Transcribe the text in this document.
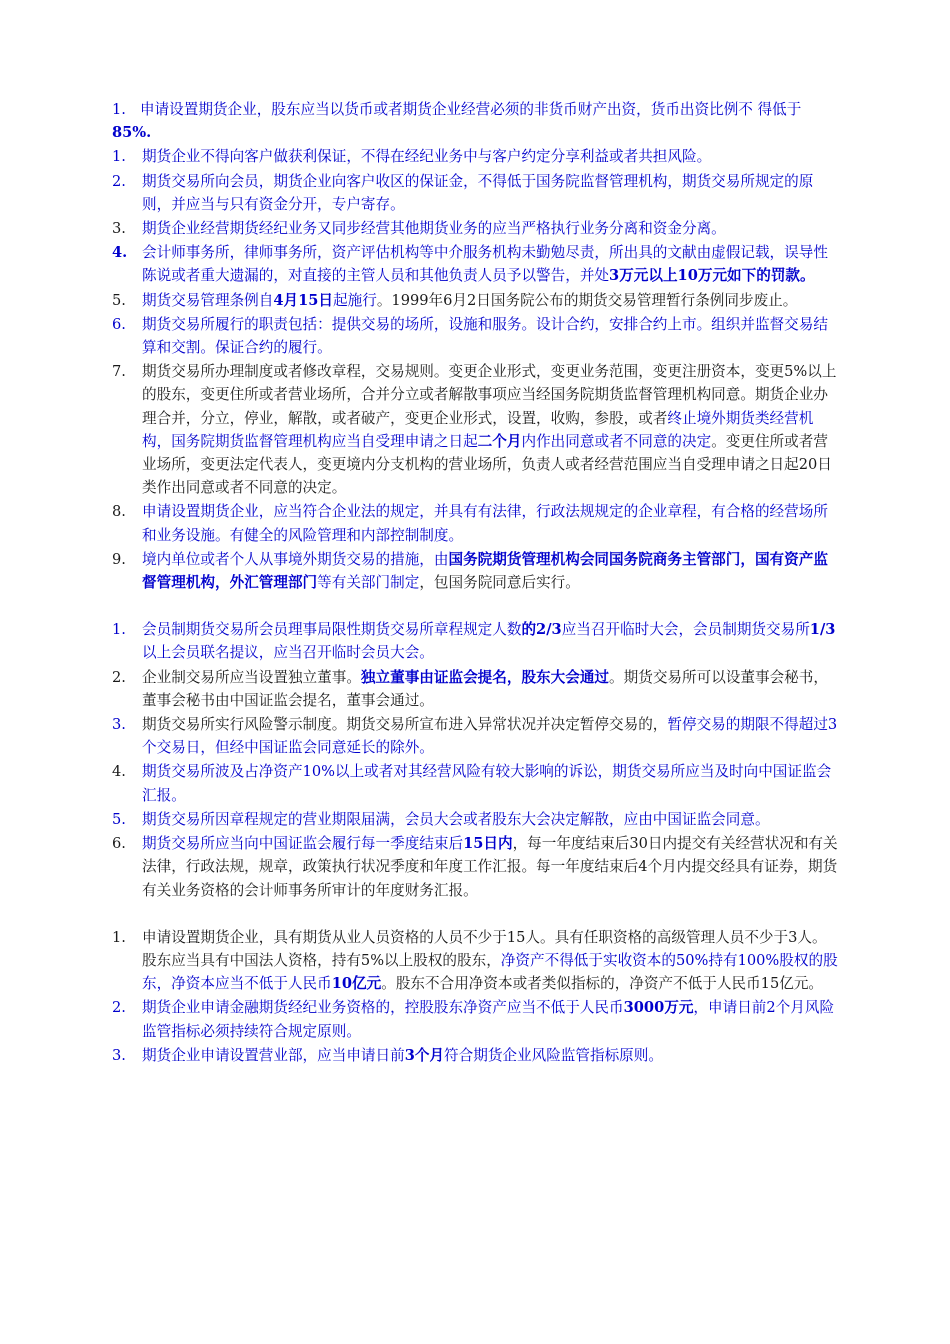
1. 申请设置期货企业，股东应当以货币或者期货企业经营必须的非货币财产出资，货币出资比例不 得低于85%.
1. 期货企业不得向客户做获利保证，不得在经纪业务中与客户约定分享利益或者共担风险。
2. 期货交易所向会员，期货企业向客户收区的保证金，不得低于国务院监督管理机构，期货交易所规定的原则，并应当与只有资金分开，专户寄存。
3. 期货企业经营期货经纪业务又同步经营其他期货业务的应当严格执行业务分离和资金分离。
4. 会计师事务所，律师事务所，资产评估机构等中介服务机构未勤勉尽责，所出具的文献由虚假记载，误导性陈说或者重大遗漏的，对直接的主管人员和其他负责人员予以警告，并处3万元以上10万元如下的罚款。
5. 期货交易管理条例自4月15日起施行。1999年6月2日国务院公布的期货交易管理暂行条例同步废止。
6. 期货交易所履行的职责包括：提供交易的场所，设施和服务。设计合约，安排合约上市。组织并监督交易结算和交割。保证合约的履行。
7. 期货交易所办理制度或者修改章程，交易规则。变更企业形式，变更业务范围，变更注册资本，变更5%以上的股东，变更住所或者营业场所，合并分立或者解散事项应当经国务院期货监督管理机构同意。期货企业办理合并，分立，停业，解散，或者破产，变更企业形式，设置，收购，参股，或者终止境外期货类经营机构，国务院期货监督管理机构应当自受理申请之日起二个月内作出同意或者不同意的决定。变更住所或者营业场所，变更法定代表人，变更境内分支机构的营业场所，负责人或者经营范围应当自受理申请之日起20日类作出同意或者不同意的决定。
8. 申请设置期货企业，应当符合企业法的规定，并具有有法律，行政法规规定的企业章程，有合格的经营场所和业务设施。有健全的风险管理和内部控制制度。
9. 境内单位或者个人从事境外期货交易的措施，由国务院期货管理机构会同国务院商务主管部门，国有资产监督管理机构，外汇管理部门等有关部门制定，包国务院同意后实行。
1. 会员制期货交易所会员理事局限性期货交易所章程规定人数的2/3应当召开临时大会，会员制期货交易所1/3以上会员联名提议，应当召开临时会员大会。
2. 企业制交易所应当设置独立董事。独立董事由证监会提名，股东大会通过。期货交易所可以设董事会秘书，董事会秘书由中国证监会提名，董事会通过。
3. 期货交易所实行风险警示制度。期货交易所宣布进入异常状况并决定暂停交易的，暂停交易的期限不得超过3个交易日，但经中国证监会同意延长的除外。
4. 期货交易所波及占净资产10%以上或者对其经营风险有较大影响的诉讼，期货交易所应当及时向中国证监会汇报。
5. 期货交易所因章程规定的营业期限届满，会员大会或者股东大会决定解散，应由中国证监会同意。
6. 期货交易所应当向中国证监会履行每一季度结束后15日内，每一年度结束后30日内提交有关经营状况和有关法律，行政法规，规章，政策执行状况季度和年度工作汇报。每一年度结束后4个月内提交经具有证券，期货有关业务资格的会计师事务所审计的年度财务汇报。
1. 申请设置期货企业，具有期货从业人员资格的人员不少于15人。具有任职资格的高级管理人员不少于3人。股东应当具有中国法人资格，持有5%以上股权的股东，净资产不得低于实收资本的50%持有100%股权的股东，净资本应当不低于人民币10亿元。股东不合用净资本或者类似指标的，净资产不低于人民币15亿元。
2. 期货企业申请金融期货经纪业务资格的，控股股东净资产应当不低于人民币3000万元，申请日前2个月风险监管指标必须持续符合规定原则。
3. 期货企业申请设置营业部，应当申请日前3个月符合期货企业风险监管指标原则。
